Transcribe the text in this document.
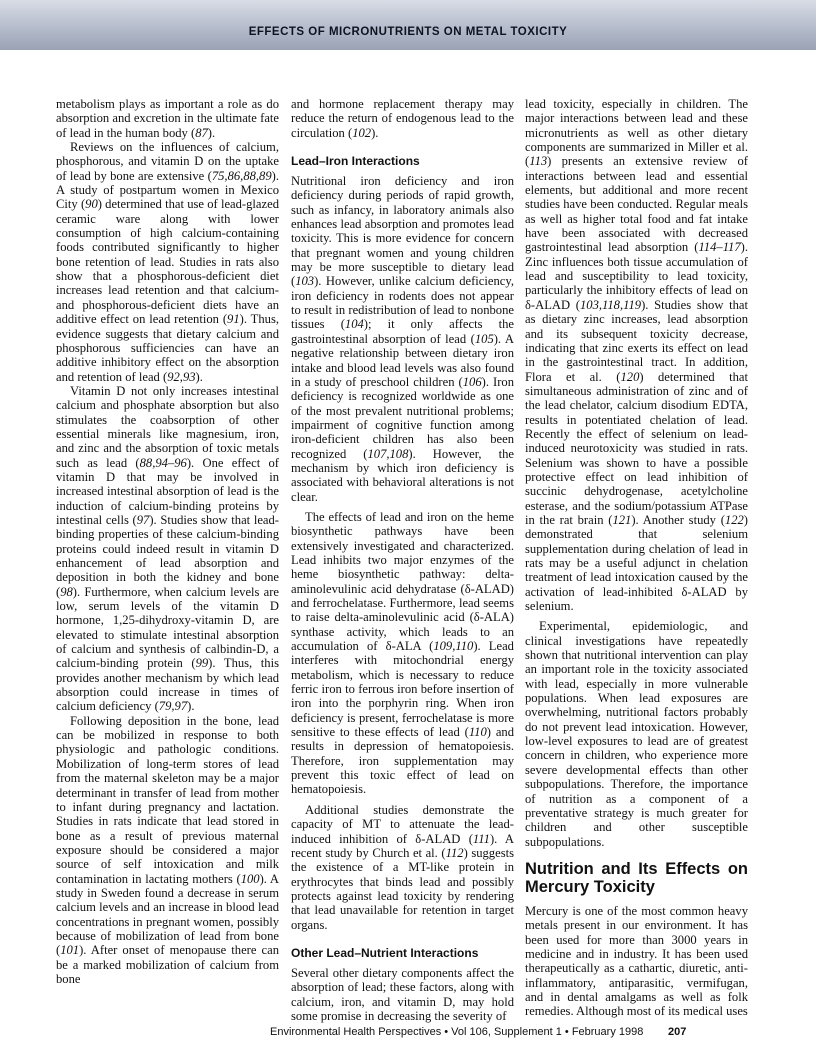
EFFECTS OF MICRONUTRIENTS ON METAL TOXICITY

metabolism plays as important a role as do absorption and excretion in the ultimate fate of lead in the human body (87).

Reviews on the influences of calcium, phosphorous, and vitamin D on the uptake of lead by bone are extensive (75,86,88,89). A study of postpartum women in Mexico City (90) determined that use of lead-glazed ceramic ware along with lower consumption of high calcium-containing foods contributed significantly to higher bone retention of lead. Studies in rats also show that a phosphorous-deficient diet increases lead retention and that calcium- and phosphorous-deficient diets have an additive effect on lead retention (91). Thus, evidence suggests that dietary calcium and phosphorous sufficiencies can have an additive inhibitory effect on the absorption and retention of lead (92,93).

Vitamin D not only increases intestinal calcium and phosphate absorption but also stimulates the coabsorption of other essential minerals like magnesium, iron, and zinc and the absorption of toxic metals such as lead (88,94–96). One effect of vitamin D that may be involved in increased intestinal absorption of lead is the induction of calcium-binding proteins by intestinal cells (97). Studies show that lead-binding properties of these calcium-binding proteins could indeed result in vitamin D enhancement of lead absorption and deposition in both the kidney and bone (98). Furthermore, when calcium levels are low, serum levels of the vitamin D hormone, 1,25-dihydroxy-vitamin D, are elevated to stimulate intestinal absorption of calcium and synthesis of calbindin-D, a calcium-binding protein (99). Thus, this provides another mechanism by which lead absorption could increase in times of calcium deficiency (79,97).

Following deposition in the bone, lead can be mobilized in response to both physiologic and pathologic conditions. Mobilization of long-term stores of lead from the maternal skeleton may be a major determinant in transfer of lead from mother to infant during pregnancy and lactation. Studies in rats indicate that lead stored in bone as a result of previous maternal exposure should be considered a major source of self intoxication and milk contamination in lactating mothers (100). A study in Sweden found a decrease in serum calcium levels and an increase in blood lead concentrations in pregnant women, possibly because of mobilization of lead from bone (101). After onset of menopause there can be a marked mobilization of calcium from bone

and hormone replacement therapy may reduce the return of endogenous lead to the circulation (102).

Lead–Iron Interactions

Nutritional iron deficiency and iron deficiency during periods of rapid growth, such as infancy, in laboratory animals also enhances lead absorption and promotes lead toxicity. This is more evidence for concern that pregnant women and young children may be more susceptible to dietary lead (103). However, unlike calcium deficiency, iron deficiency in rodents does not appear to result in redistribution of lead to nonbone tissues (104); it only affects the gastrointestinal absorption of lead (105). A negative relationship between dietary iron intake and blood lead levels was also found in a study of preschool children (106). Iron deficiency is recognized worldwide as one of the most prevalent nutritional problems; impairment of cognitive function among iron-deficient children has also been recognized (107,108). However, the mechanism by which iron deficiency is associated with behavioral alterations is not clear.

The effects of lead and iron on the heme biosynthetic pathways have been extensively investigated and characterized. Lead inhibits two major enzymes of the heme biosynthetic pathway: delta-aminolevulinic acid dehydratase (δ-ALAD) and ferrochelatase. Furthermore, lead seems to raise delta-aminolevulinic acid (δ-ALA) synthase activity, which leads to an accumulation of δ-ALA (109,110). Lead interferes with mitochondrial energy metabolism, which is necessary to reduce ferric iron to ferrous iron before insertion of iron into the porphyrin ring. When iron deficiency is present, ferrochelatase is more sensitive to these effects of lead (110) and results in depression of hematopoiesis. Therefore, iron supplementation may prevent this toxic effect of lead on hematopoiesis.

Additional studies demonstrate the capacity of MT to attenuate the lead-induced inhibition of δ-ALAD (111). A recent study by Church et al. (112) suggests the existence of a MT-like protein in erythrocytes that binds lead and possibly protects against lead toxicity by rendering that lead unavailable for retention in target organs.

Other Lead–Nutrient Interactions

Several other dietary components affect the absorption of lead; these factors, along with calcium, iron, and vitamin D, may hold some promise in decreasing the severity of

lead toxicity, especially in children. The major interactions between lead and these micronutrients as well as other dietary components are summarized in Miller et al. (113) presents an extensive review of interactions between lead and essential elements, but additional and more recent studies have been conducted. Regular meals as well as higher total food and fat intake have been associated with decreased gastrointestinal lead absorption (114–117). Zinc influences both tissue accumulation of lead and susceptibility to lead toxicity, particularly the inhibitory effects of lead on δ-ALAD (103,118,119). Studies show that as dietary zinc increases, lead absorption and its subsequent toxicity decrease, indicating that zinc exerts its effect on lead in the gastrointestinal tract. In addition, Flora et al. (120) determined that simultaneous administration of zinc and of the lead chelator, calcium disodium EDTA, results in potentiated chelation of lead. Recently the effect of selenium on lead-induced neurotoxicity was studied in rats. Selenium was shown to have a possible protective effect on lead inhibition of succinic dehydrogenase, acetylcholine esterase, and the sodium/potassium ATPase in the rat brain (121). Another study (122) demonstrated that selenium supplementation during chelation of lead in rats may be a useful adjunct in chelation treatment of lead intoxication caused by the activation of lead-inhibited δ-ALAD by selenium.

Experimental, epidemiologic, and clinical investigations have repeatedly shown that nutritional intervention can play an important role in the toxicity associated with lead, especially in more vulnerable populations. When lead exposures are overwhelming, nutritional factors probably do not prevent lead intoxication. However, low-level exposures to lead are of greatest concern in children, who experience more severe developmental effects than other subpopulations. Therefore, the importance of nutrition as a component of a preventative strategy is much greater for children and other susceptible subpopulations.

Nutrition and Its Effects on Mercury Toxicity

Mercury is one of the most common heavy metals present in our environment. It has been used for more than 3000 years in medicine and in industry. It has been used therapeutically as a cathartic, diuretic, anti-inflammatory, antiparasitic, vermifugan, and in dental amalgams as well as folk remedies. Although most of its medical uses

Environmental Health Perspectives • Vol 106, Supplement 1 • February 1998 207
